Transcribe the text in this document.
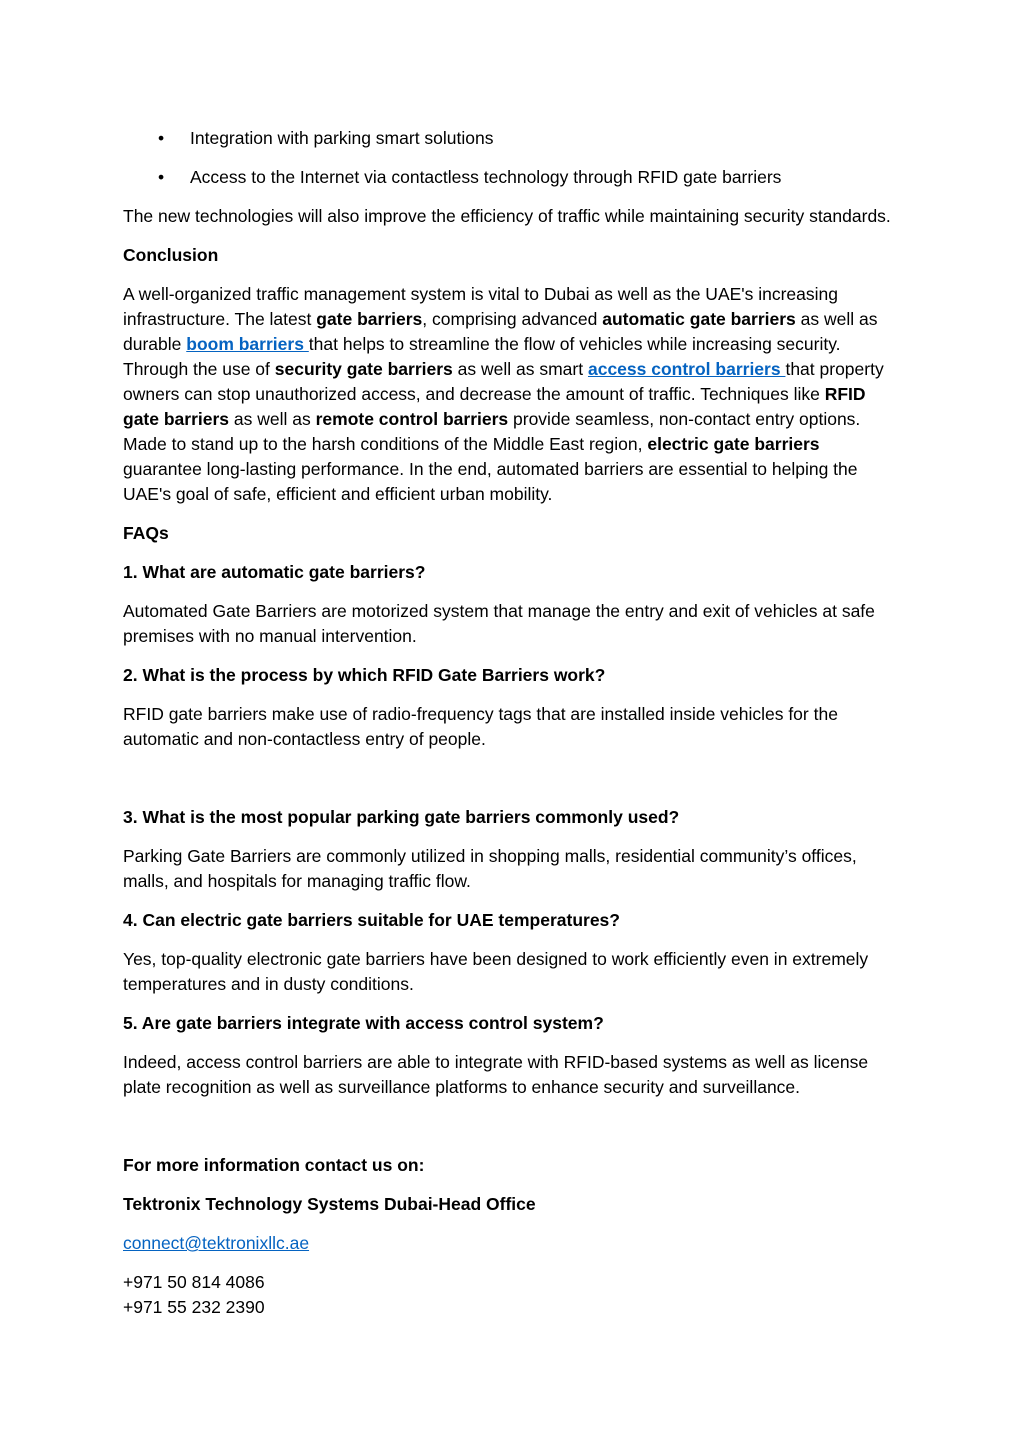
• Integration with parking smart solutions
• Access to the Internet via contactless technology through RFID gate barriers

The new technologies will also improve the efficiency of traffic while maintaining security standards.

Conclusion

A well-organized traffic management system is vital to Dubai as well as the UAE's increasing infrastructure. The latest gate barriers, comprising advanced automatic gate barriers as well as durable boom barriers that helps to streamline the flow of vehicles while increasing security. Through the use of security gate barriers as well as smart access control barriers that property owners can stop unauthorized access, and decrease the amount of traffic. Techniques like RFID gate barriers as well as remote control barriers provide seamless, non-contact entry options. Made to stand up to the harsh conditions of the Middle East region, electric gate barriers guarantee long-lasting performance. In the end, automated barriers are essential to helping the UAE's goal of safe, efficient and efficient urban mobility.

FAQs

1. What are automatic gate barriers?

Automated Gate Barriers are motorized system that manage the entry and exit of vehicles at safe premises with no manual intervention.

2. What is the process by which RFID Gate Barriers work?

RFID gate barriers make use of radio-frequency tags that are installed inside vehicles for the automatic and non-contactless entry of people.

3. What is the most popular parking gate barriers commonly used?

Parking Gate Barriers are commonly utilized in shopping malls, residential community’s offices, malls, and hospitals for managing traffic flow.

4. Can electric gate barriers suitable for UAE temperatures?

Yes, top-quality electronic gate barriers have been designed to work efficiently even in extremely temperatures and in dusty conditions.

5. Are gate barriers integrate with access control system?

Indeed, access control barriers are able to integrate with RFID-based systems as well as license plate recognition as well as surveillance platforms to enhance security and surveillance.

For more information contact us on:

Tektronix Technology Systems Dubai-Head Office

connect@tektronixllc.ae

+971 50 814 4086
+971 55 232 2390
